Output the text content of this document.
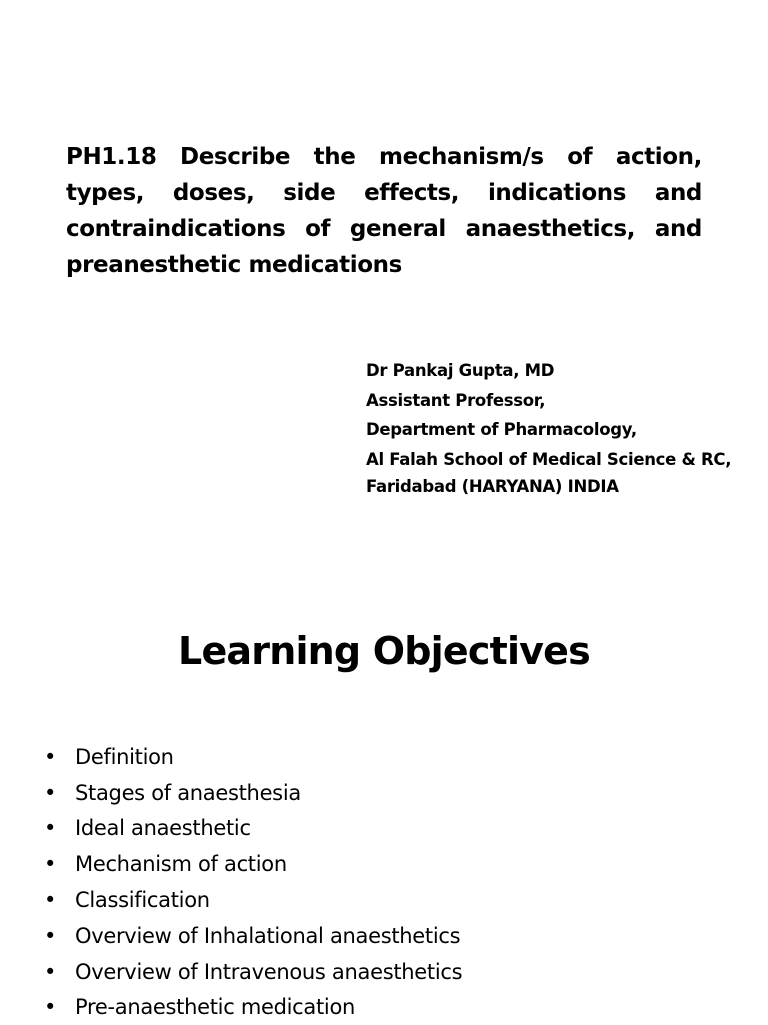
PH1.18 Describe the mechanism/s of action, types, doses, side effects, indications and contraindications of general anaesthetics, and preanesthetic medications
Dr Pankaj Gupta, MD
Assistant Professor,
Department of Pharmacology,
Al Falah School of Medical Science & RC,
Faridabad (HARYANA) INDIA
Learning Objectives
• Definition
• Stages of anaesthesia
• Ideal anaesthetic
• Mechanism of action
• Classification
• Overview of Inhalational anaesthetics
• Overview of Intravenous anaesthetics
• Pre-anaesthetic medication
